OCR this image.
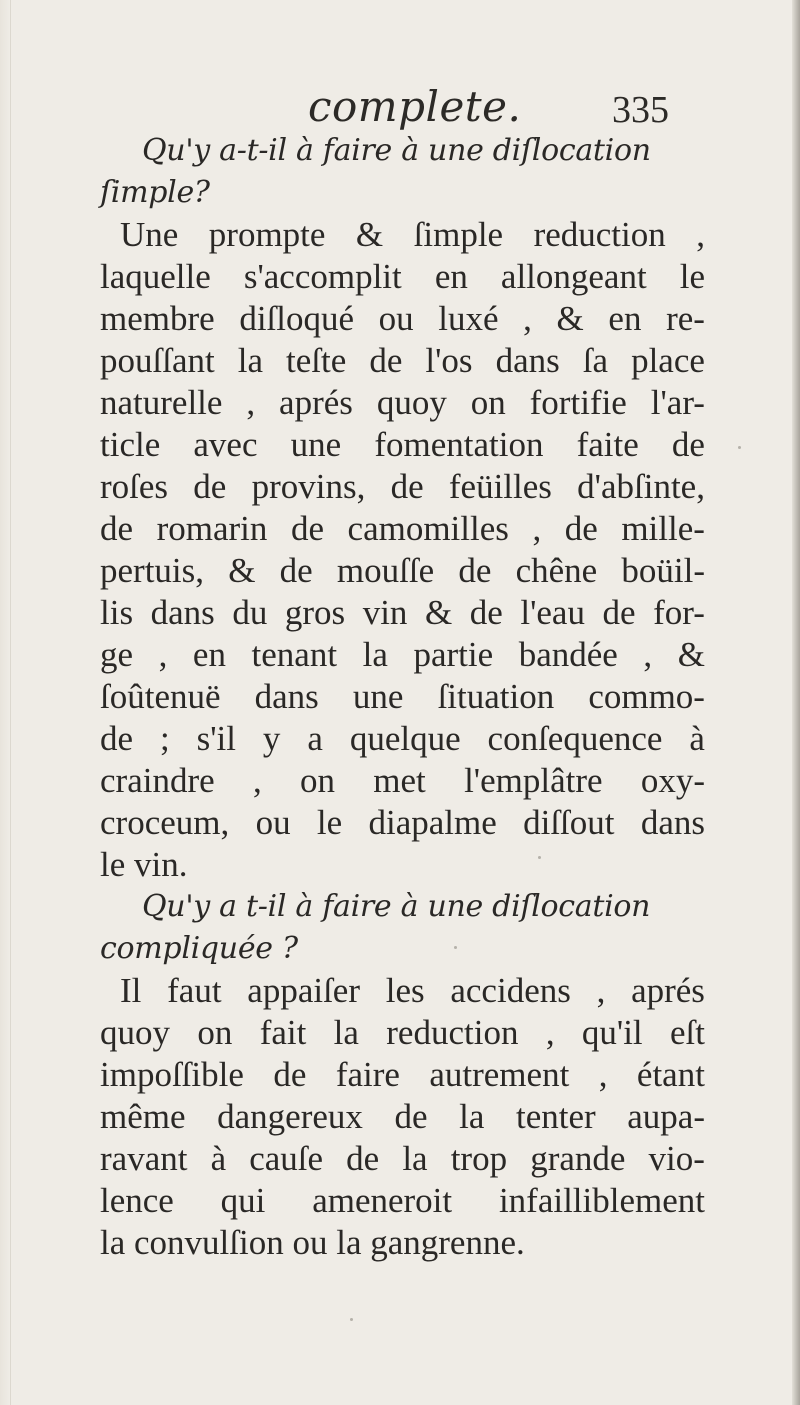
complete. 335
Qu'y a-t-il à faire à une diſlocation
ſimple?
Une prompte & ſimple reduction ,
laquelle s'accomplit en allongeant le
membre diſloqué ou luxé , & en re-
pouſſant la teſte de l'os dans ſa place
naturelle , aprés quoy on fortifie l'ar-
ticle avec une fomentation faite de
roſes de provins, de feüilles d'abſinte,
de romarin de camomilles , de mille-
pertuis, & de mouſſe de chêne boüil-
lis dans du gros vin & de l'eau de for-
ge , en tenant la partie bandée , &
ſoûtenuë dans une ſituation commo-
de ; s'il y a quelque conſequence à
craindre , on met l'emplâtre oxy-
croceum, ou le diapalme diſſout dans
le vin.
Qu'y a t-il à faire à une diſlocation
compliquée ?
Il faut appaiſer les accidens , aprés
quoy on fait la reduction , qu'il eſt
impoſſible de faire autrement , étant
même dangereux de la tenter aupa-
ravant à cauſe de la trop grande vio-
lence qui ameneroit infailliblement
la convulſion ou la gangrenne.
